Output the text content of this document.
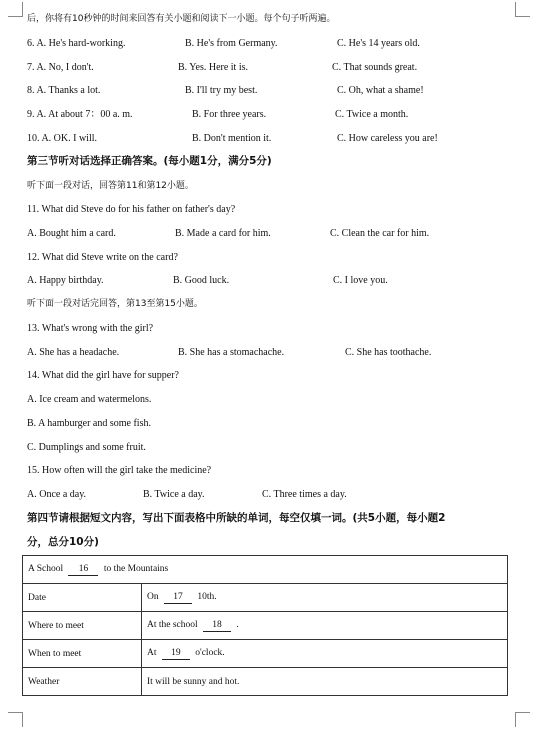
后，你将有10秒钟的时间来回答有关小题和阅读下一小题。每个句子听两遍。
6. A. He's hard-working.	B. He's from Germany.	C. He's 14 years old.
7. A. No, I don't.	B. Yes. Here it is.	C. That sounds great.
8. A. Thanks a lot.	B. I'll try my best.	C. Oh, what a shame!
9. A. At about 7：00 a. m.	B. For three years.	C. Twice a month.
10. A. OK. I will.	B. Don't mention it.	C. How careless you are!
第三节听对话选择正确答案。(每小题1分，满分5分)
听下面一段对话，回答第11和第12小题。
11. What did Steve do for his father on father's day?
A. Bought him a card.	B. Made a card for him.	C. Clean the car for him.
12. What did Steve write on the card?
A. Happy birthday.	B. Good luck.	C. I love you.
听下面一段对话完回答，第13至第15小题。
13. What's wrong with the girl?
A. She has a headache.	B. She has a stomachache.	C. She has toothache.
14. What did the girl have for supper?
A. Ice cream and watermelons.
B. A hamburger and some fish.
C. Dumplings and some fruit.
15. How often will the girl take the medicine?
A. Once a day.	B. Twice a day.	C. Three times a day.
第四节请根据短文内容，写出下面表格中所缺的单词，每空仅填一词。(共5小题，每小题2
分，总分10分)
A School 16 to the Mountains	
Date	On 17 10th.
Where to meet	At the school 18 .
When to meet	At 19 o'clock.
Weather	It will be sunny and hot.
